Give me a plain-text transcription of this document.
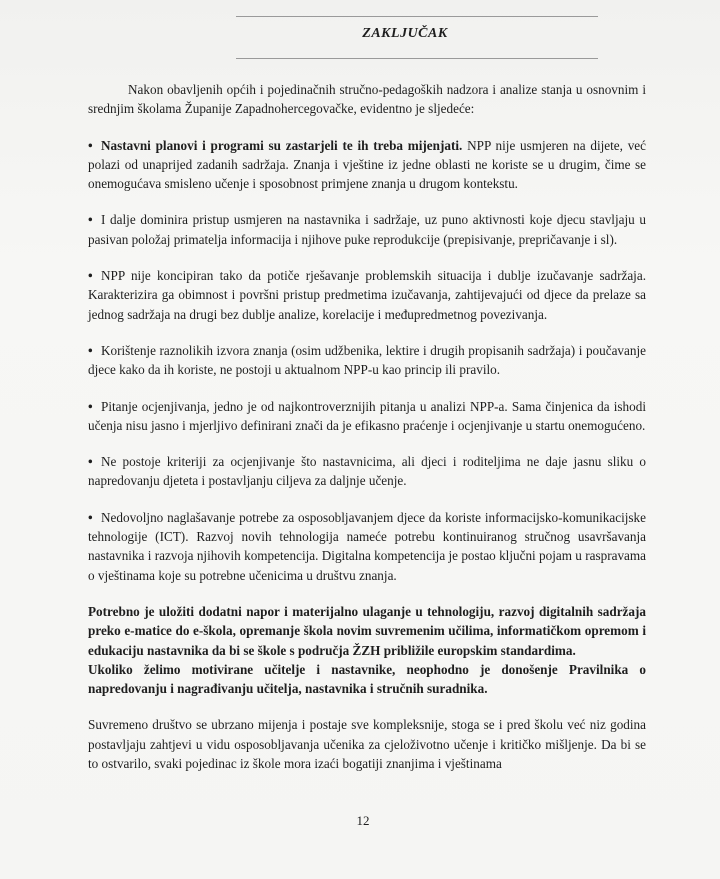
ZAKLJUČAK

Nakon obavljenih općih i pojedinačnih stručno-pedagoških nadzora i analize stanja u osnovnim i srednjim školama Županije Zapadnohercegovačke, evidentno je sljedeće:

• Nastavni planovi i programi su zastarjeli te ih treba mijenjati. NPP nije usmjeren na dijete, već polazi od unaprijed zadanih sadržaja. Znanja i vještine iz jedne oblasti ne koriste se u drugim, čime se onemogućava smisleno učenje i sposobnost primjene znanja u drugom kontekstu.

• I dalje dominira pristup usmjeren na nastavnika i sadržaje, uz puno aktivnosti koje djecu stavljaju u pasivan položaj primatelja informacija i njihove puke reprodukcije (prepisivanje, prepričavanje i sl).

• NPP nije koncipiran tako da potiče rješavanje problemskih situacija i dublje izučavanje sadržaja. Karakterizira ga obimnost i površni pristup predmetima izučavanja, zahtijevajući od djece da prelaze sa jednog sadržaja na drugi bez dublje analize, korelacije i međupredmetnog povezivanja.

• Korištenje raznolikih izvora znanja (osim udžbenika, lektire i drugih propisanih sadržaja) i poučavanje djece kako da ih koriste, ne postoji u aktualnom NPP-u kao princip ili pravilo.

• Pitanje ocjenjivanja, jedno je od najkontroverznijih pitanja u analizi NPP-a. Sama činjenica da ishodi učenja nisu jasno i mjerljivo definirani znači da je efikasno praćenje i ocjenjivanje u startu onemogućeno.

• Ne postoje kriteriji za ocjenjivanje što nastavnicima, ali djeci i roditeljima ne daje jasnu sliku o napredovanju djeteta i postavljanju ciljeva za daljnje učenje.

• Nedovoljno naglašavanje potrebe za osposobljavanjem djece da koriste informacijsko-komunikacijske tehnologije (ICT). Razvoj novih tehnologija nameće potrebu kontinuiranog stručnog usavršavanja nastavnika i razvoja njihovih kompetencija. Digitalna kompetencija je postao ključni pojam u raspravama o vještinama koje su potrebne učenicima u društvu znanja.

Potrebno je uložiti dodatni napor i materijalno ulaganje u tehnologiju, razvoj digitalnih sadržaja preko e-matice do e-škola, opremanje škola novim suvremenim učilima, informatičkom opremom i edukaciju nastavnika da bi se škole s područja ŽZH približile europskim standardima.

Ukoliko želimo motivirane učitelje i nastavnike, neophodno je donošenje Pravilnika o napredovanju i nagrađivanju učitelja, nastavnika i stručnih suradnika.

Suvremeno društvo se ubrzano mijenja i postaje sve kompleksnije, stoga se i pred školu već niz godina postavljaju zahtjevi u vidu osposobljavanja učenika za cjeloživotno učenje i kritičko mišljenje. Da bi se to ostvarilo, svaki pojedinac iz škole mora izaći bogatiji znanjima i vještinama

12
